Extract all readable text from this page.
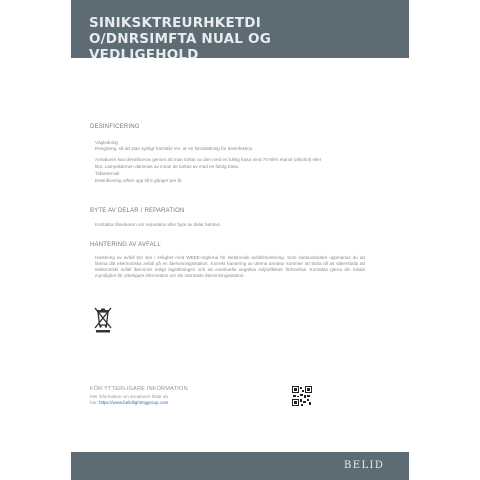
SINIKSKTREURHKETDI
O/DNRSIMFTA NUAL OG
VEDLIGEHOLD
DESINFICERING
Vägledning
Rengöring, så att ytan synligt framstår ren, är en förutsättning för desinfektion.
Armaturen kan desinficeras genom att man torkar av den med en fuktig trasa med 70-85% etanol (alkohol) eller
klor. Lampskärmen dammas av innan de torkas av med en fuktig trasa.
Tidsintervall
Desinficering utförs upp till 6 gånger per år.
BYTE AV DELAR / REPARATION
Kontakta tillverkaren om reparation eller byte av delar behövs.
HANTERING AV AVFALL
Hantering av avfall bör ske i enlighet med WEEE-reglerna för elektronisk avfallshantering. Som slutanvändare uppmanas du att lämna ditt elektroniska avfall på en återvinningsstation. Korrekt hantering av denna armatur kommer att bidra till att säkerställa att elektroniskt avfall återvinns enligt lagstiftningen och att eventuella negativa miljöeffekter förhindras. Kontakta gärna din lokala myndighet för ytterligare information om din närmaste återvinningsstation.
FÖR YTTERLIGARE INFORMATION
Mer information om armaturen hittar du
här: https://www.belidlightinggroup.com
BELID
